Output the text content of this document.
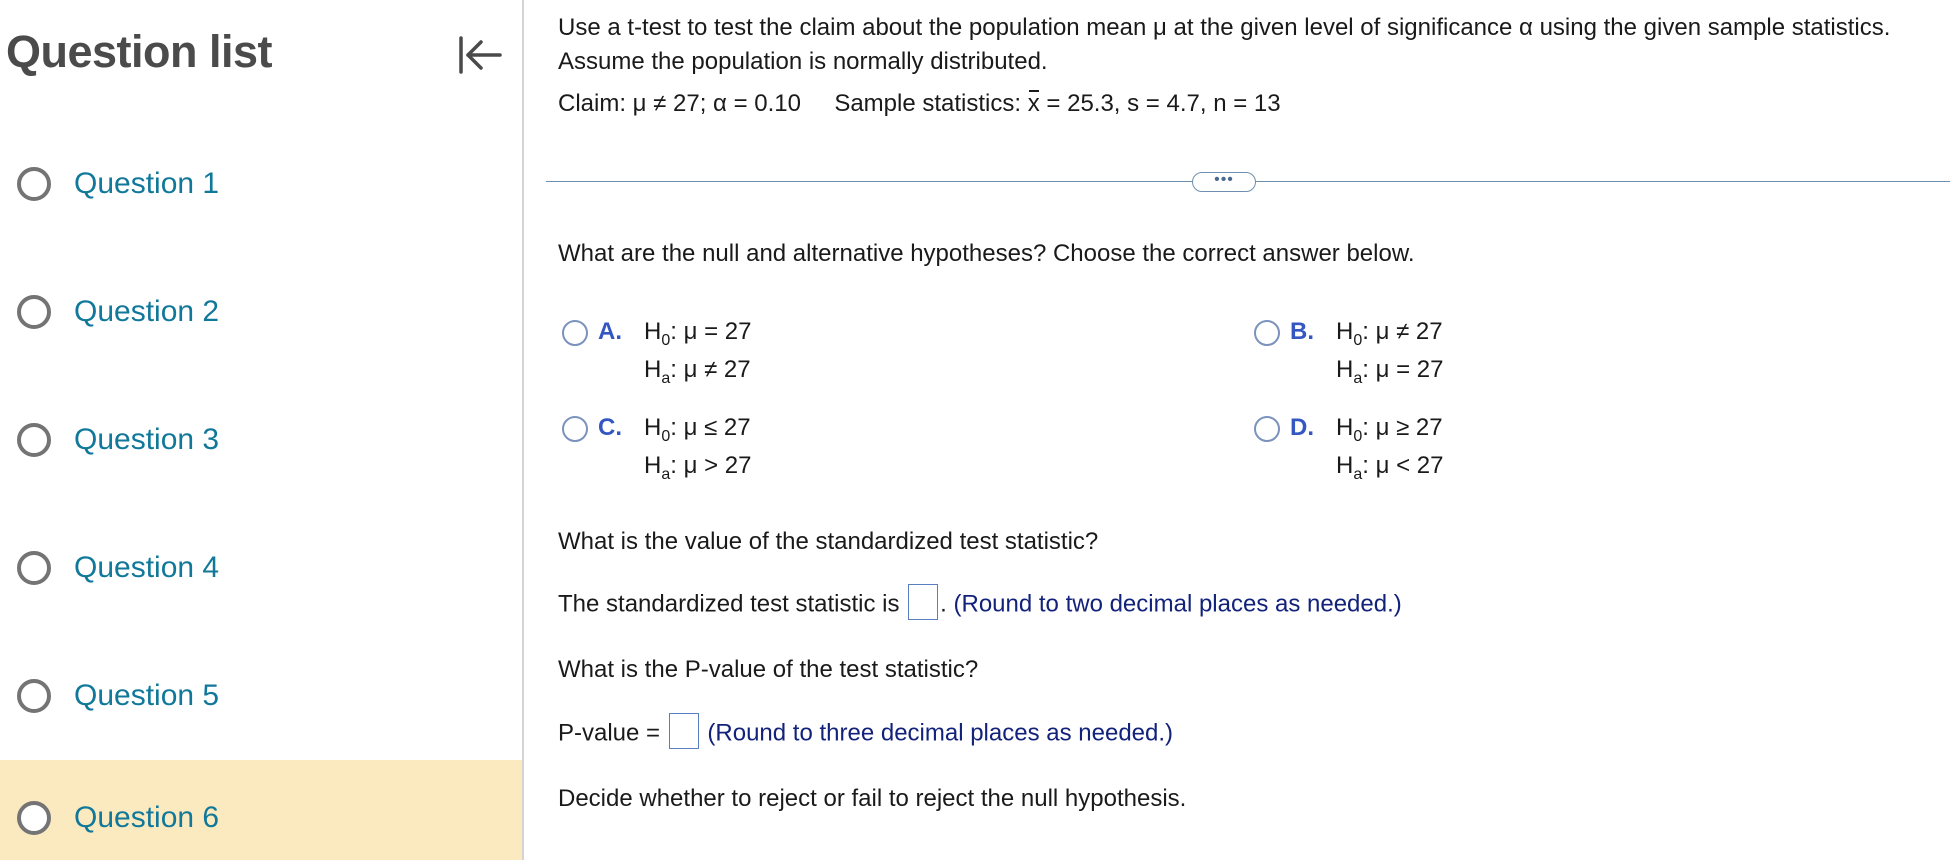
Question list
Question 1
Question 2
Question 3
Question 4
Question 5
Question 6
Use a t-test to test the claim about the population mean μ at the given level of significance α using the given sample statistics. Assume the population is normally distributed.
Claim: μ ≠ 27; α = 0.10 Sample statistics: x = 25.3, s = 4.7, n = 13
•••
What are the null and alternative hypotheses? Choose the correct answer below.
A. $H_0$: μ = 27
$H_a$: μ ≠ 27
B. $H_0$: μ ≠ 27
$H_a$: μ = 27
C. $H_0$: μ ≤ 27
$H_a$: μ > 27
D. $H_0$: μ ≥ 27
$H_a$: μ < 27
What is the value of the standardized test statistic?
The standardized test statistic is . (Round to two decimal places as needed.)
What is the P-value of the test statistic?
P-value = (Round to three decimal places as needed.)
Decide whether to reject or fail to reject the null hypothesis.
